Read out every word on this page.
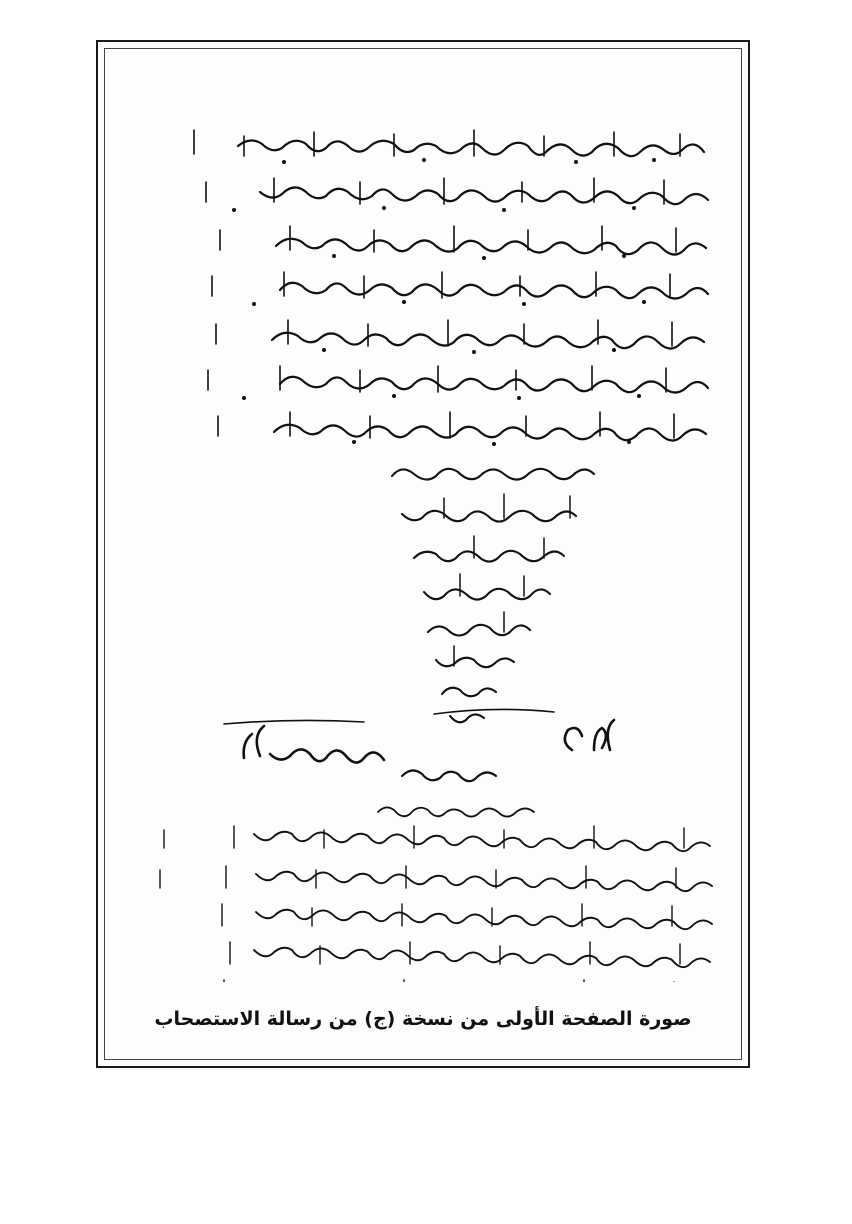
صورة الصفحة الأولى من نسخة (ج) من رسالة الاستصحاب
